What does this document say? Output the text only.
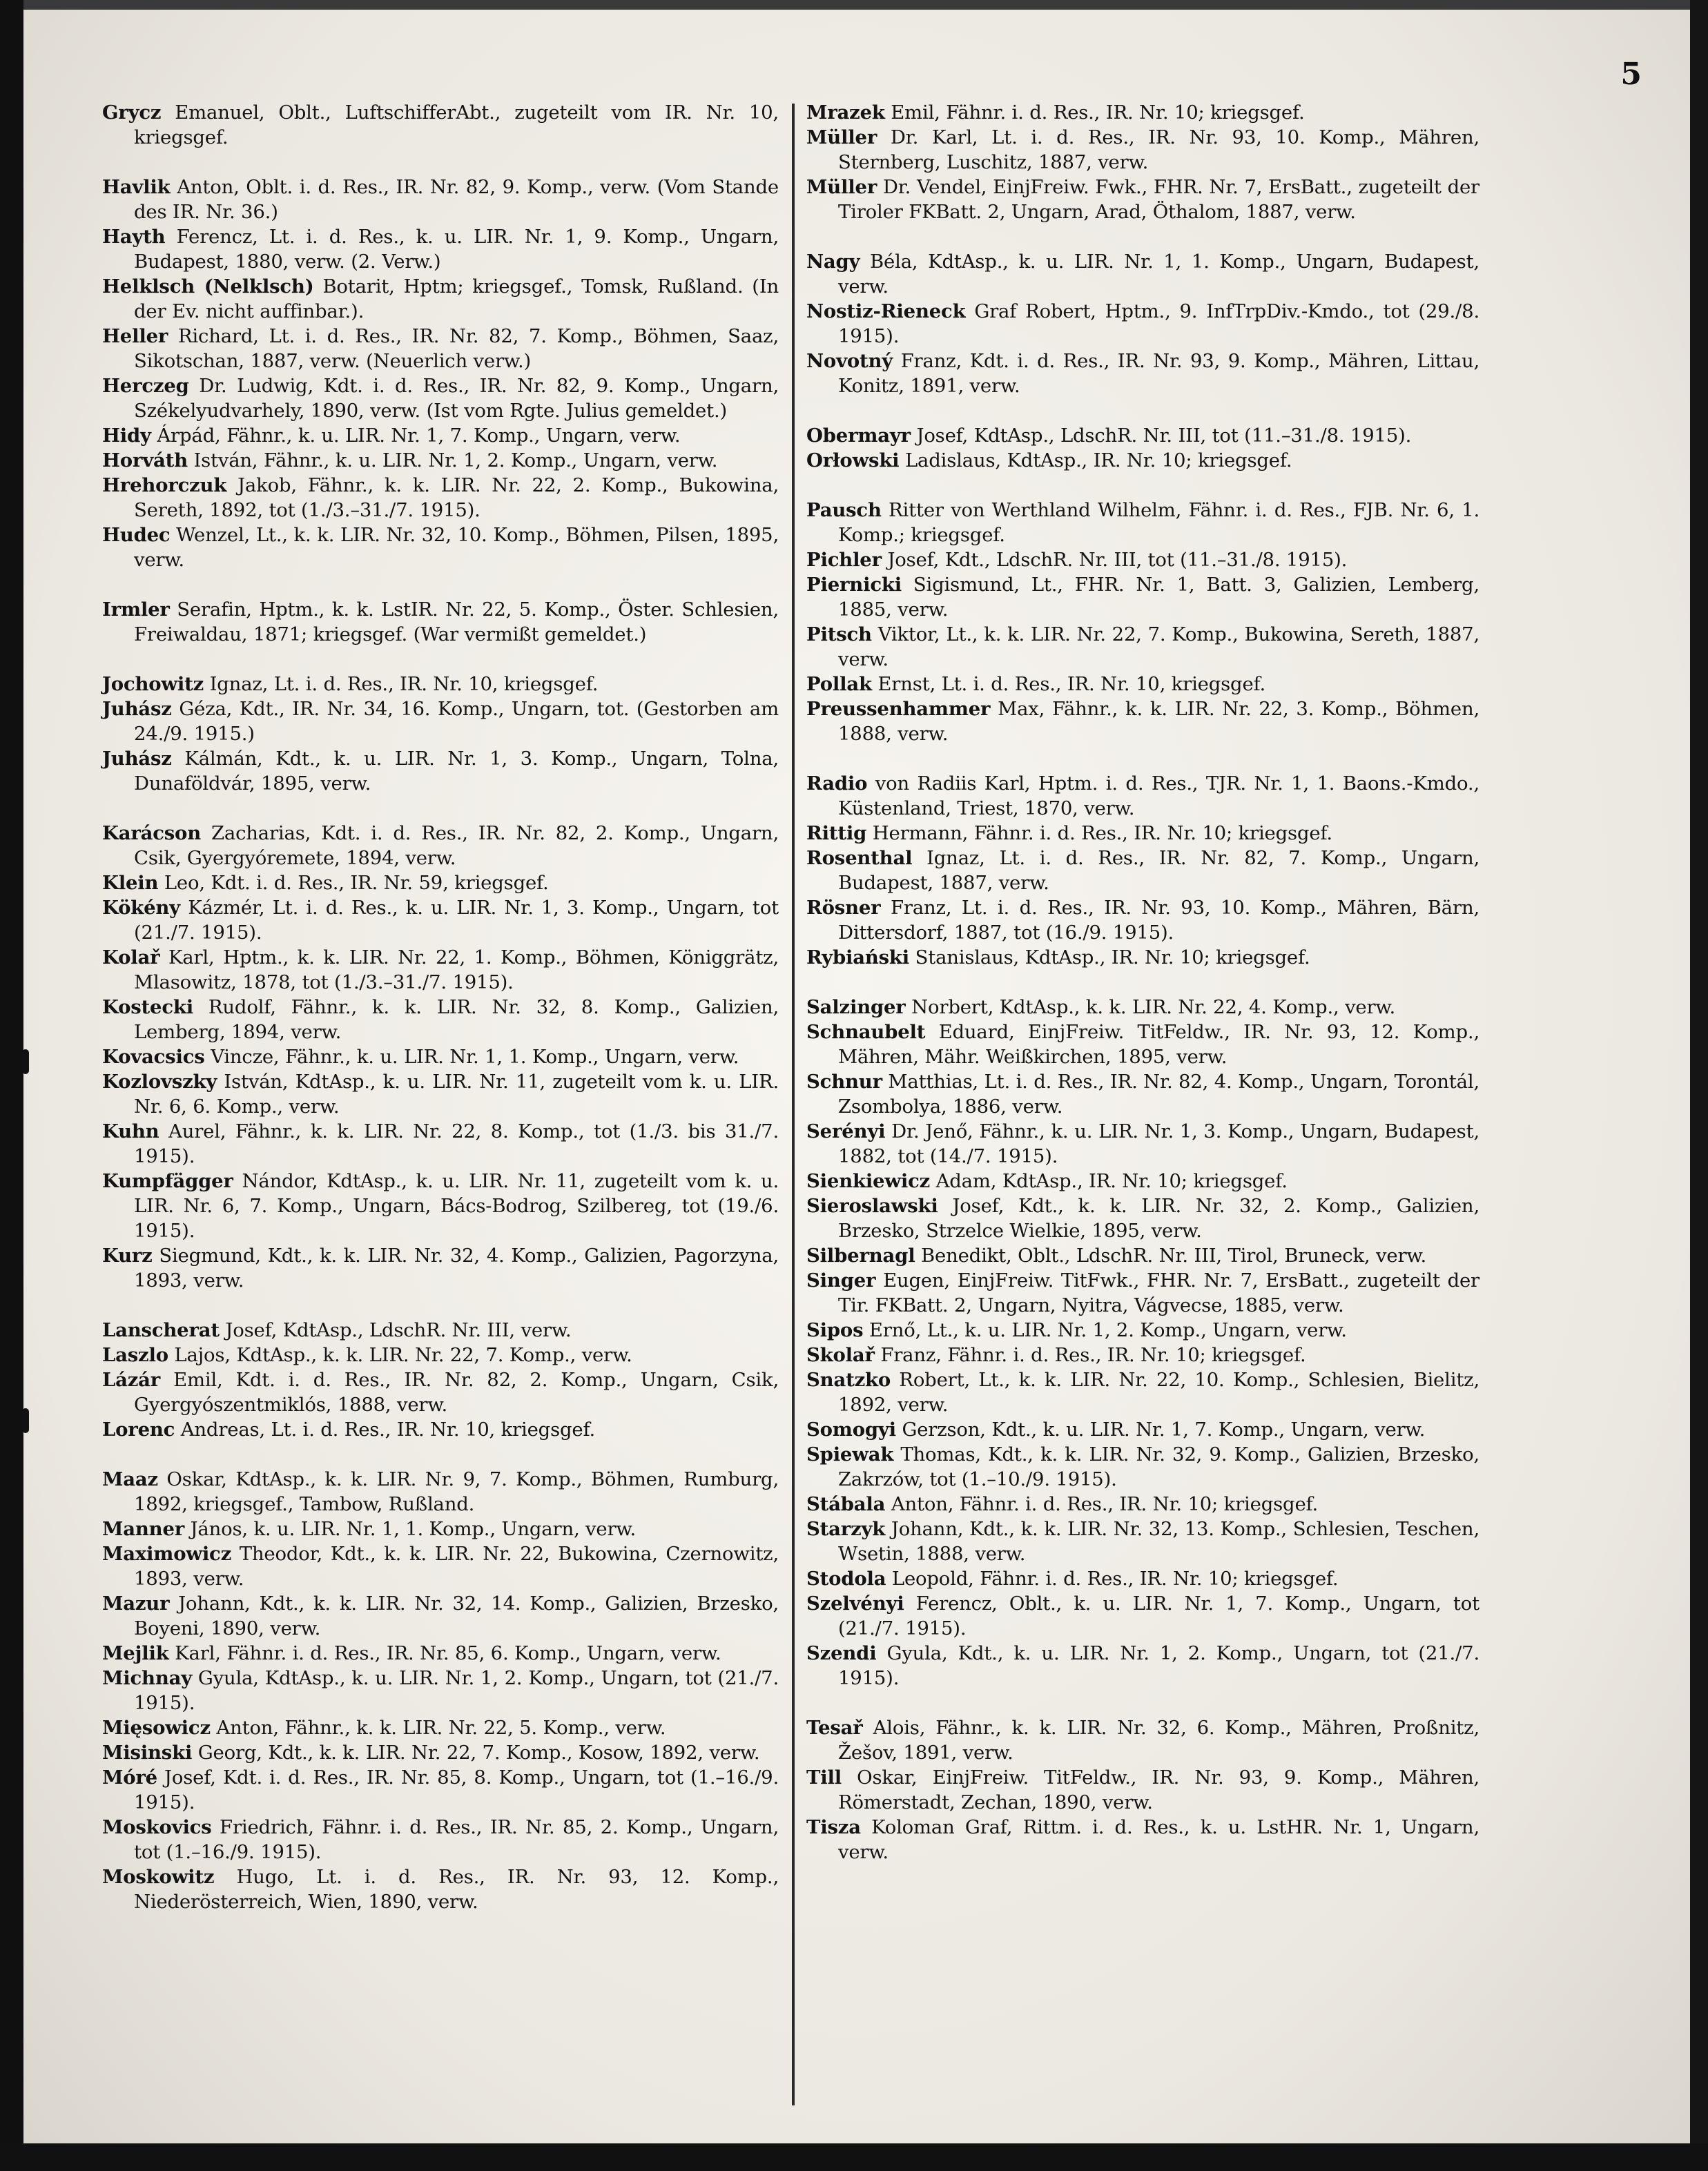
5

Grycz Emanuel, Oblt., LuftschifferAbt., zugeteilt vom IR. Nr. 10, kriegsgef.

Havlik Anton, Oblt. i. d. Res., IR. Nr. 82, 9. Komp., verw. (Vom Stande des IR. Nr. 36.)

Hayth Ferencz, Lt. i. d. Res., k. u. LIR. Nr. 1, 9. Komp., Ungarn, Budapest, 1880, verw. (2. Verw.)

Helklsch (Nelklsch) Botarit, Hptm; kriegsgef., Tomsk, Rußland. (In der Ev. nicht auffinbar.).

Heller Richard, Lt. i. d. Res., IR. Nr. 82, 7. Komp., Böhmen, Saaz, Sikotschan, 1887, verw. (Neuerlich verw.)

Herczeg Dr. Ludwig, Kdt. i. d. Res., IR. Nr. 82, 9. Komp., Ungarn, Székelyudvarhely, 1890, verw. (Ist vom Rgte. Julius gemeldet.)

Hidy Árpád, Fähnr., k. u. LIR. Nr. 1, 7. Komp., Ungarn, verw.

Horváth István, Fähnr., k. u. LIR. Nr. 1, 2. Komp., Ungarn, verw.

Hrehorczuk Jakob, Fähnr., k. k. LIR. Nr. 22, 2. Komp., Bukowina, Sereth, 1892, tot (1./3.–31./7. 1915).

Hudec Wenzel, Lt., k. k. LIR. Nr. 32, 10. Komp., Böhmen, Pilsen, 1895, verw.

Irmler Serafin, Hptm., k. k. LstIR. Nr. 22, 5. Komp., Öster. Schlesien, Freiwaldau, 1871; kriegsgef. (War vermißt gemeldet.)

Jochowitz Ignaz, Lt. i. d. Res., IR. Nr. 10, kriegsgef.

Juhász Géza, Kdt., IR. Nr. 34, 16. Komp., Ungarn, tot. (Gestorben am 24./9. 1915.)

Juhász Kálmán, Kdt., k. u. LIR. Nr. 1, 3. Komp., Ungarn, Tolna, Dunaföldvár, 1895, verw.

Karácson Zacharias, Kdt. i. d. Res., IR. Nr. 82, 2. Komp., Ungarn, Csik, Gyergyóremete, 1894, verw.

Klein Leo, Kdt. i. d. Res., IR. Nr. 59, kriegsgef.

Kökény Kázmér, Lt. i. d. Res., k. u. LIR. Nr. 1, 3. Komp., Ungarn, tot (21./7. 1915).

Kolař Karl, Hptm., k. k. LIR. Nr. 22, 1. Komp., Böhmen, Königgrätz, Mlasowitz, 1878, tot (1./3.–31./7. 1915).

Kostecki Rudolf, Fähnr., k. k. LIR. Nr. 32, 8. Komp., Galizien, Lemberg, 1894, verw.

Kovacsics Vincze, Fähnr., k. u. LIR. Nr. 1, 1. Komp., Ungarn, verw.

Kozlovszky István, KdtAsp., k. u. LIR. Nr. 11, zugeteilt vom k. u. LIR. Nr. 6, 6. Komp., verw.

Kuhn Aurel, Fähnr., k. k. LIR. Nr. 22, 8. Komp., tot (1./3. bis 31./7. 1915).

Kumpfägger Nándor, KdtAsp., k. u. LIR. Nr. 11, zugeteilt vom k. u. LIR. Nr. 6, 7. Komp., Ungarn, Bács-Bodrog, Szilbereg, tot (19./6. 1915).

Kurz Siegmund, Kdt., k. k. LIR. Nr. 32, 4. Komp., Galizien, Pagorzyna, 1893, verw.

Lanscherat Josef, KdtAsp., LdschR. Nr. III, verw.

Laszlo Lajos, KdtAsp., k. k. LIR. Nr. 22, 7. Komp., verw.

Lázár Emil, Kdt. i. d. Res., IR. Nr. 82, 2. Komp., Ungarn, Csik, Gyergyószentmiklós, 1888, verw.

Lorenc Andreas, Lt. i. d. Res., IR. Nr. 10, kriegsgef.

Maaz Oskar, KdtAsp., k. k. LIR. Nr. 9, 7. Komp., Böhmen, Rumburg, 1892, kriegsgef., Tambow, Rußland.

Manner János, k. u. LIR. Nr. 1, 1. Komp., Ungarn, verw.

Maximowicz Theodor, Kdt., k. k. LIR. Nr. 22, Bukowina, Czernowitz, 1893, verw.

Mazur Johann, Kdt., k. k. LIR. Nr. 32, 14. Komp., Galizien, Brzesko, Boyeni, 1890, verw.

Mejlik Karl, Fähnr. i. d. Res., IR. Nr. 85, 6. Komp., Ungarn, verw.

Michnay Gyula, KdtAsp., k. u. LIR. Nr. 1, 2. Komp., Ungarn, tot (21./7. 1915).

Mięsowicz Anton, Fähnr., k. k. LIR. Nr. 22, 5. Komp., verw.

Misinski Georg, Kdt., k. k. LIR. Nr. 22, 7. Komp., Kosow, 1892, verw.

Móré Josef, Kdt. i. d. Res., IR. Nr. 85, 8. Komp., Ungarn, tot (1.–16./9. 1915).

Moskovics Friedrich, Fähnr. i. d. Res., IR. Nr. 85, 2. Komp., Ungarn, tot (1.–16./9. 1915).

Moskowitz Hugo, Lt. i. d. Res., IR. Nr. 93, 12. Komp., Niederösterreich, Wien, 1890, verw.

Mrazek Emil, Fähnr. i. d. Res., IR. Nr. 10; kriegsgef.

Müller Dr. Karl, Lt. i. d. Res., IR. Nr. 93, 10. Komp., Mähren, Sternberg, Luschitz, 1887, verw.

Müller Dr. Vendel, EinjFreiw. Fwk., FHR. Nr. 7, ErsBatt., zugeteilt der Tiroler FKBatt. 2, Ungarn, Arad, Öthalom, 1887, verw.

Nagy Béla, KdtAsp., k. u. LIR. Nr. 1, 1. Komp., Ungarn, Budapest, verw.

Nostiz-Rieneck Graf Robert, Hptm., 9. InfTrpDiv.-Kmdo., tot (29./8. 1915).

Novotný Franz, Kdt. i. d. Res., IR. Nr. 93, 9. Komp., Mähren, Littau, Konitz, 1891, verw.

Obermayr Josef, KdtAsp., LdschR. Nr. III, tot (11.–31./8. 1915).

Orłowski Ladislaus, KdtAsp., IR. Nr. 10; kriegsgef.

Pausch Ritter von Werthland Wilhelm, Fähnr. i. d. Res., FJB. Nr. 6, 1. Komp.; kriegsgef.

Pichler Josef, Kdt., LdschR. Nr. III, tot (11.–31./8. 1915).

Piernicki Sigismund, Lt., FHR. Nr. 1, Batt. 3, Galizien, Lemberg, 1885, verw.

Pitsch Viktor, Lt., k. k. LIR. Nr. 22, 7. Komp., Bukowina, Sereth, 1887, verw.

Pollak Ernst, Lt. i. d. Res., IR. Nr. 10, kriegsgef.

Preussenhammer Max, Fähnr., k. k. LIR. Nr. 22, 3. Komp., Böhmen, 1888, verw.

Radio von Radiis Karl, Hptm. i. d. Res., TJR. Nr. 1, 1. Baons.-Kmdo., Küstenland, Triest, 1870, verw.

Rittig Hermann, Fähnr. i. d. Res., IR. Nr. 10; kriegsgef.

Rosenthal Ignaz, Lt. i. d. Res., IR. Nr. 82, 7. Komp., Ungarn, Budapest, 1887, verw.

Rösner Franz, Lt. i. d. Res., IR. Nr. 93, 10. Komp., Mähren, Bärn, Dittersdorf, 1887, tot (16./9. 1915).

Rybiański Stanislaus, KdtAsp., IR. Nr. 10; kriegsgef.

Salzinger Norbert, KdtAsp., k. k. LIR. Nr. 22, 4. Komp., verw.

Schnaubelt Eduard, EinjFreiw. TitFeldw., IR. Nr. 93, 12. Komp., Mähren, Mähr. Weißkirchen, 1895, verw.

Schnur Matthias, Lt. i. d. Res., IR. Nr. 82, 4. Komp., Ungarn, Torontál, Zsombolya, 1886, verw.

Serényi Dr. Jenő, Fähnr., k. u. LIR. Nr. 1, 3. Komp., Ungarn, Budapest, 1882, tot (14./7. 1915).

Sienkiewicz Adam, KdtAsp., IR. Nr. 10; kriegsgef.

Sieroslawski Josef, Kdt., k. k. LIR. Nr. 32, 2. Komp., Galizien, Brzesko, Strzelce Wielkie, 1895, verw.

Silbernagl Benedikt, Oblt., LdschR. Nr. III, Tirol, Bruneck, verw.

Singer Eugen, EinjFreiw. TitFwk., FHR. Nr. 7, ErsBatt., zugeteilt der Tir. FKBatt. 2, Ungarn, Nyitra, Vágvecse, 1885, verw.

Sipos Ernő, Lt., k. u. LIR. Nr. 1, 2. Komp., Ungarn, verw.

Skolař Franz, Fähnr. i. d. Res., IR. Nr. 10; kriegsgef.

Snatzko Robert, Lt., k. k. LIR. Nr. 22, 10. Komp., Schlesien, Bielitz, 1892, verw.

Somogyi Gerzson, Kdt., k. u. LIR. Nr. 1, 7. Komp., Ungarn, verw.

Spiewak Thomas, Kdt., k. k. LIR. Nr. 32, 9. Komp., Galizien, Brzesko, Zakrzów, tot (1.–10./9. 1915).

Stábala Anton, Fähnr. i. d. Res., IR. Nr. 10; kriegsgef.

Starzyk Johann, Kdt., k. k. LIR. Nr. 32, 13. Komp., Schlesien, Teschen, Wsetin, 1888, verw.

Stodola Leopold, Fähnr. i. d. Res., IR. Nr. 10; kriegsgef.

Szelvényi Ferencz, Oblt., k. u. LIR. Nr. 1, 7. Komp., Ungarn, tot (21./7. 1915).

Szendi Gyula, Kdt., k. u. LIR. Nr. 1, 2. Komp., Ungarn, tot (21./7. 1915).

Tesař Alois, Fähnr., k. k. LIR. Nr. 32, 6. Komp., Mähren, Proßnitz, Žešov, 1891, verw.

Till Oskar, EinjFreiw. TitFeldw., IR. Nr. 93, 9. Komp., Mähren, Römerstadt, Zechan, 1890, verw.

Tisza Koloman Graf, Rittm. i. d. Res., k. u. LstHR. Nr. 1, Ungarn, verw.
